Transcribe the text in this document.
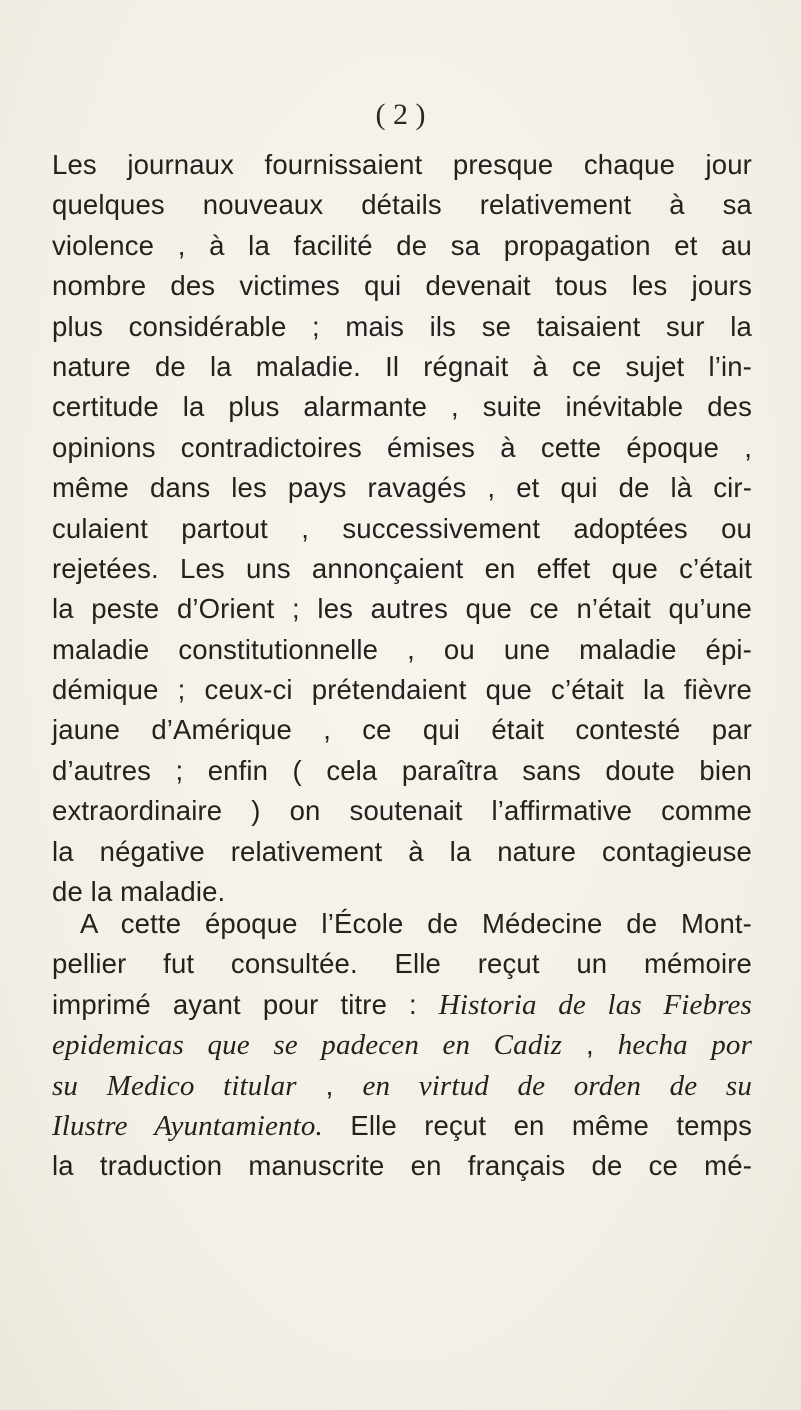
( 2 )
Les journaux fournissaient presque chaque jour
quelques nouveaux détails relativement à sa
violence , à la facilité de sa propagation et au
nombre des victimes qui devenait tous les jours
plus considérable ; mais ils se taisaient sur la
nature de la maladie. Il régnait à ce sujet l’in-
certitude la plus alarmante , suite inévitable des
opinions contradictoires émises à cette époque ,
même dans les pays ravagés , et qui de là cir-
culaient partout , successivement adoptées ou
rejetées. Les uns annonçaient en effet que c’était
la peste d’Orient ; les autres que ce n’était qu’une
maladie constitutionnelle , ou une maladie épi-
démique ; ceux-ci prétendaient que c’était la fièvre
jaune d’Amérique , ce qui était contesté par
d’autres ; enfin ( cela paraîtra sans doute bien
extraordinaire ) on soutenait l’affirmative comme
la négative relativement à la nature contagieuse
de la maladie.
A cette époque l’École de Médecine de Mont-
pellier fut consultée. Elle reçut un mémoire
imprimé ayant pour titre : Historia de las Fiebres
epidemicas que se padecen en Cadiz , hecha por
su Medico titular , en virtud de orden de su
Ilustre Ayuntamiento. Elle reçut en même temps
la traduction manuscrite en français de ce mé-
